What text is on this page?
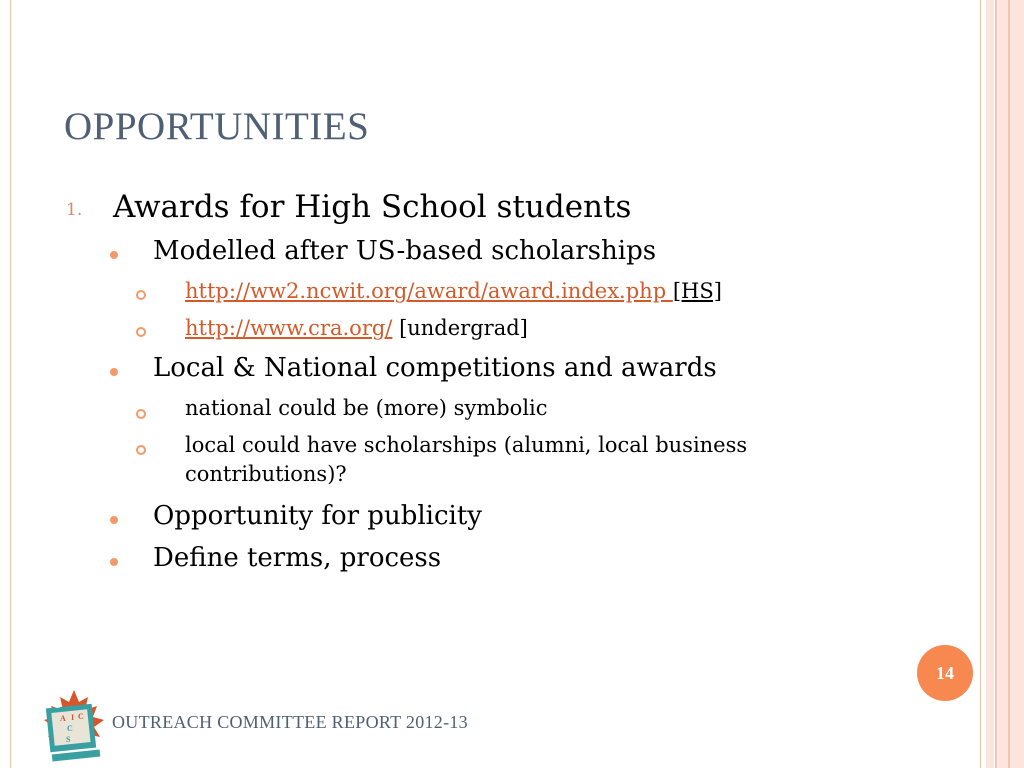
OPPORTUNITIES
1. Awards for High School students
Modelled after US-based scholarships
http://ww2.ncwit.org/award/award.index.php [HS]
http://www.cra.org/ [undergrad]
Local & National competitions and awards
national could be (more) symbolic
local could have scholarships (alumni, local business
contributions)?
Opportunity for publicity
Define terms, process
14
C
A I C
C
S
OUTREACH COMMITTEE REPORT 2012-13
